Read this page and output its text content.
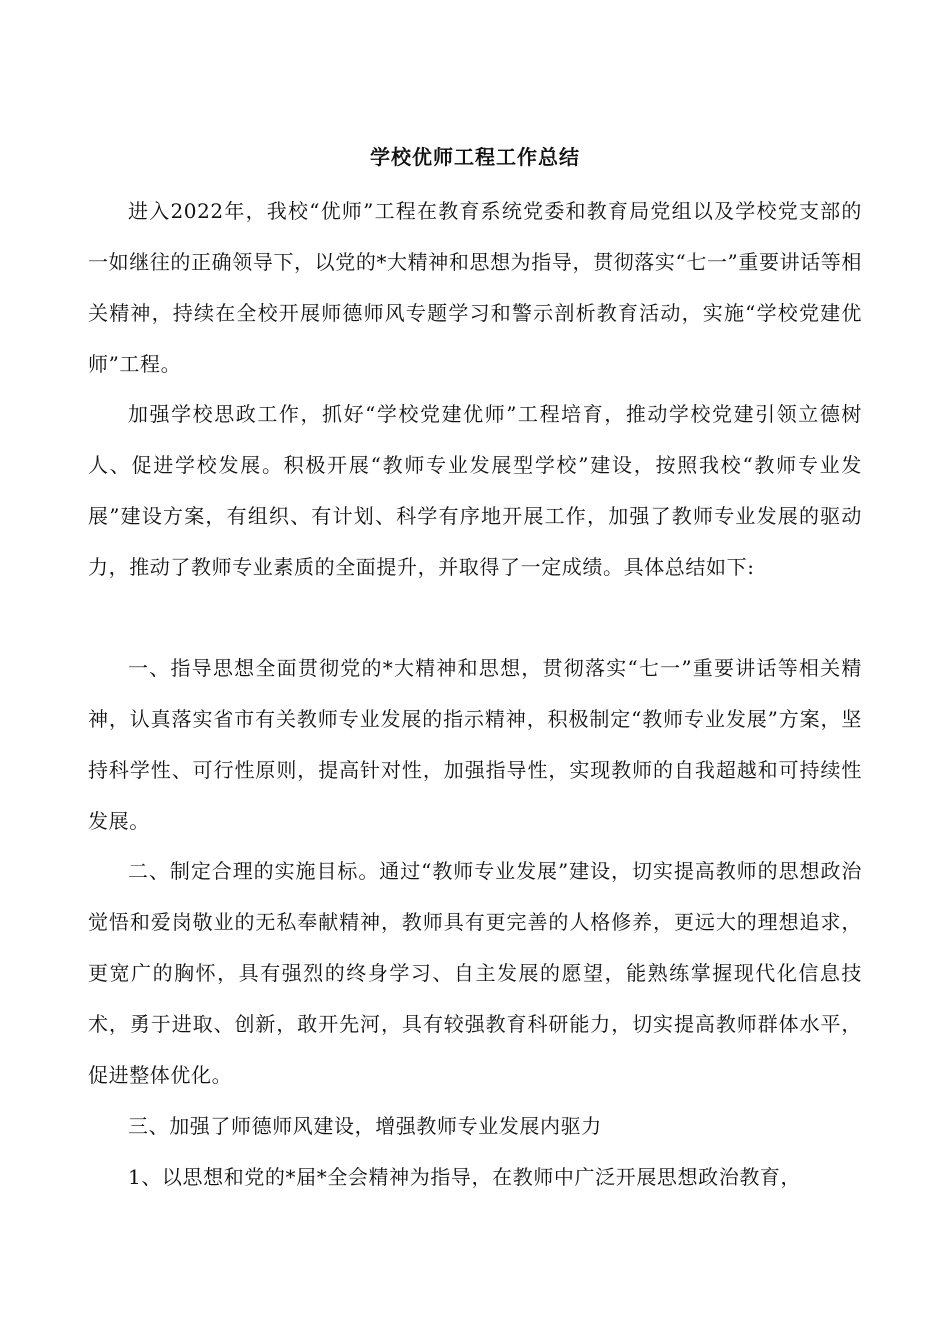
学校优师工程工作总结

进入2022年，我校“优师”工程在教育系统党委和教育局党组以及学校党支部的一如继往的正确领导下，以党的*大精神和思想为指导，贯彻落实“七一”重要讲话等相关精神，持续在全校开展师德师风专题学习和警示剖析教育活动，实施“学校党建优师”工程。

加强学校思政工作，抓好“学校党建优师”工程培育，推动学校党建引领立德树人、促进学校发展。积极开展“教师专业发展型学校”建设，按照我校“教师专业发展”建设方案，有组织、有计划、科学有序地开展工作，加强了教师专业发展的驱动力，推动了教师专业素质的全面提升，并取得了一定成绩。具体总结如下:

一、指导思想全面贯彻党的*大精神和思想，贯彻落实“七一”重要讲话等相关精神，认真落实省市有关教师专业发展的指示精神，积极制定“教师专业发展”方案，坚持科学性、可行性原则，提高针对性，加强指导性，实现教师的自我超越和可持续性发展。

二、制定合理的实施目标。通过“教师专业发展”建设，切实提高教师的思想政治觉悟和爱岗敬业的无私奉献精神，教师具有更完善的人格修养，更远大的理想追求，更宽广的胸怀，具有强烈的终身学习、自主发展的愿望，能熟练掌握现代化信息技术，勇于进取、创新，敢开先河，具有较强教育科研能力，切实提高教师群体水平，促进整体优化。

三、加强了师德师风建设，增强教师专业发展内驱力

1、以思想和党的*届*全会精神为指导，在教师中广泛开展思想政治教育，
